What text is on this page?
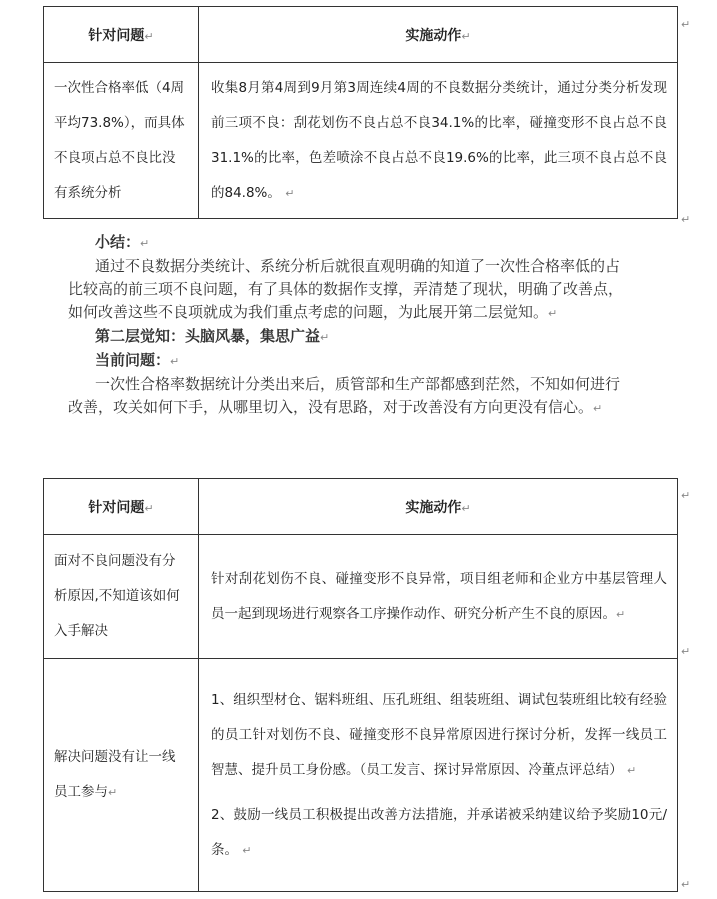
针对问题↵	实施动作↵
一次性合格率低（4周平均73.8%），而具体不良项占总不良比没有系统分析	收集8月第4周到9月第3周连续4周的不良数据分类统计，通过分类分析发现前三项不良：刮花划伤不良占总不良34.1%的比率，碰撞变形不良占总不良31.1%的比率，色差喷涂不良占总不良19.6%的比率，此三项不良占总不良的84.8%。 ↵
↵
↵

小结：↵

通过不良数据分类统计、系统分析后就很直观明确的知道了一次性合格率低的占比较高的前三项不良问题，有了具体的数据作支撑，弄清楚了现状，明确了改善点，如何改善这些不良项就成为我们重点考虑的问题，为此展开第二层觉知。↵

第二层觉知：头脑风暴，集思广益↵

当前问题：↵

一次性合格率数据统计分类出来后，质管部和生产部都感到茫然，不知如何进行改善，攻关如何下手，从哪里切入，没有思路，对于改善没有方向更没有信心。↵

针对问题↵	实施动作↵
面对不良问题没有分析原因,不知道该如何入手解决	针对刮花划伤不良、碰撞变形不良异常，项目组老师和企业方中基层管理人员一起到现场进行观察各工序操作动作、研究分析产生不良的原因。↵
解决问题没有让一线员工参与↵	1、组织型材仓、锯料班组、压孔班组、组装班组、调试包装班组比较有经验的员工针对划伤不良、碰撞变形不良异常原因进行探讨分析，发挥一线员工智慧、提升员工身份感。（员工发言、探讨异常原因、冷董点评总结） ↵
2、鼓励一线员工积极提出改善方法措施，并承诺被采纳建议给予奖励10元/条。 ↵
↵
↵
↵
